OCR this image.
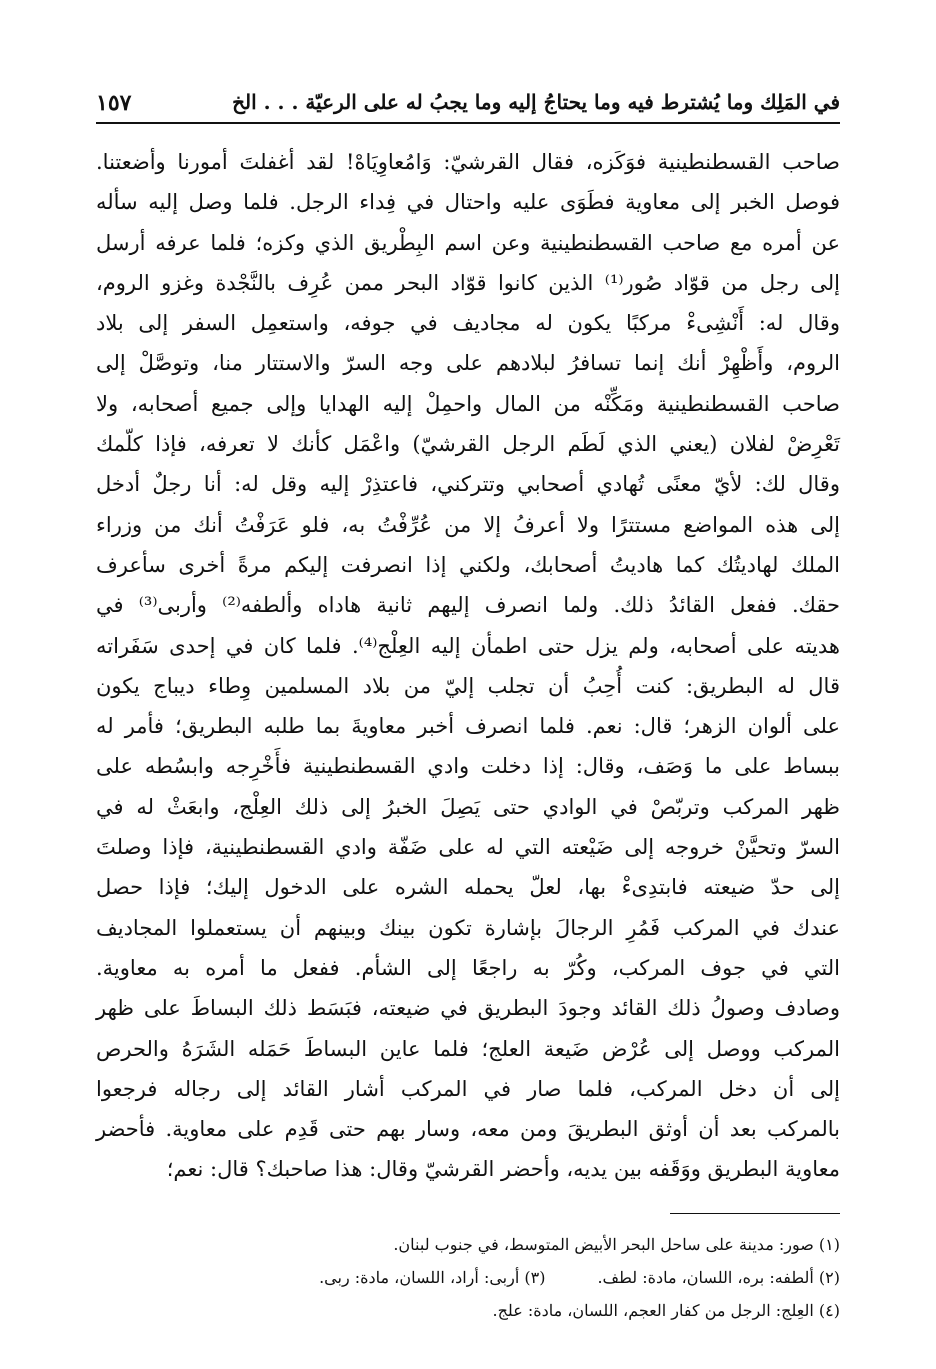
في المَلِك وما يُشترط فيه وما يحتاجُ إليه وما يجبُ له على الرعيّة . . . الخ
١٥٧
صاحب القسطنطينية فوَكَزه، فقال القرشيّ: وَامُعاوِيَاهْ! لقد أغفلتَ أمورنا وأضعتنا.
فوصل الخبر إلى معاوية فطَوَى عليه واحتال في فِداء الرجل. فلما وصل إليه سأله
عن أمره مع صاحب القسطنطينية وعن اسم البِطْريق الذي وكزه؛ فلما عرفه أرسل
إلى رجل من قوّاد صُور⁽¹⁾ الذين كانوا قوّاد البحر ممن عُرِف بالنَّجْدة وغزو الروم،
وقال له: أَنْشِىءْ مركبًا يكون له مجاديف في جوفه، واستعمِل السفر إلى بلاد
الروم، وأَظْهِرْ أنك إنما تسافرُ لبلادهم على وجه السرّ والاستتار منا، وتوصَّلْ إلى
صاحب القسطنطينية ومَكِّنْه من المال واحمِلْ إليه الهدايا وإلى جميع أصحابه، ولا
تَعْرِضْ لفلان (يعني الذي لَطَم الرجل القرشيّ) واعْمَل كأنك لا تعرفه، فإذا كلّمك
وقال لك: لأيّ معنًى تُهادي أصحابي وتتركني، فاعتذِرْ إليه وقل له: أنا رجلٌ أدخل
إلى هذه المواضع مستترًا ولا أعرفُ إلا من عُرِّفْتُ به، فلو عَرَفْتُ أنك من وزراء
الملك لهاديتُك كما هاديتُ أصحابك، ولكني إذا انصرفت إليكم مرةً أخرى سأعرف
حقك. ففعل القائدُ ذلك. ولما انصرف إليهم ثانية هاداه وألطفه⁽²⁾ وأربى⁽³⁾ في
هديته على أصحابه، ولم يزل حتى اطمأن إليه العِلْج⁽⁴⁾. فلما كان في إحدى سَفَراته
قال له البطريق: كنت أُحِبُ أن تجلب إليّ من بلاد المسلمين وِطاء ديباج يكون
على ألوان الزهر؛ قال: نعم. فلما انصرف أخبر معاويةَ بما طلبه البطريق؛ فأمر له
ببساط على ما وَصَف، وقال: إذا دخلت وادي القسطنطينية فأَخْرِجه وابسُطه على
ظهر المركب وتربّصْ في الوادي حتى يَصِلَ الخبرُ إلى ذلك العِلْج، وابعَثْ له في
السرّ وتحيَّنْ خروجه إلى ضَيْعته التي له على ضَفّة وادي القسطنطينية، فإذا وصلتَ
إلى حدّ ضيعته فابتدِىءْ بها، لعلّ يحمله الشره على الدخول إليك؛ فإذا حصل
عندك في المركب فَمُرِ الرجالَ بإشارة تكون بينك وبينهم أن يستعملوا المجاديف
التي في جوف المركب، وكُرّ به راجعًا إلى الشأم. ففعل ما أمره به معاوية.
وصادف وصولُ ذلك القائد وجودَ البطريق في ضيعته، فبَسَط ذلك البساطَ على ظهر
المركب ووصل إلى عُرْض ضَيعة العلج؛ فلما عاين البساطَ حَمَله الشَرَهُ والحرص
إلى أن دخل المركب، فلما صار في المركب أشار القائد إلى رجاله فرجعوا
بالمركب بعد أن أوثق البطريقَ ومن معه، وسار بهم حتى قَدِم على معاوية. فأحضر
معاوية البطريق ووَقَفه بين يديه، وأحضر القرشيّ وقال: هذا صاحبك؟ قال: نعم؛
(١) صور: مدينة على ساحل البحر الأبيض المتوسط، في جنوب لبنان.
(٢) ألطفه: بره، اللسان، مادة: لطف.(٣) أربى: أراد، اللسان، مادة: ربى.
(٤) العِلج: الرجل من كفار العجم، اللسان، مادة: علج.
